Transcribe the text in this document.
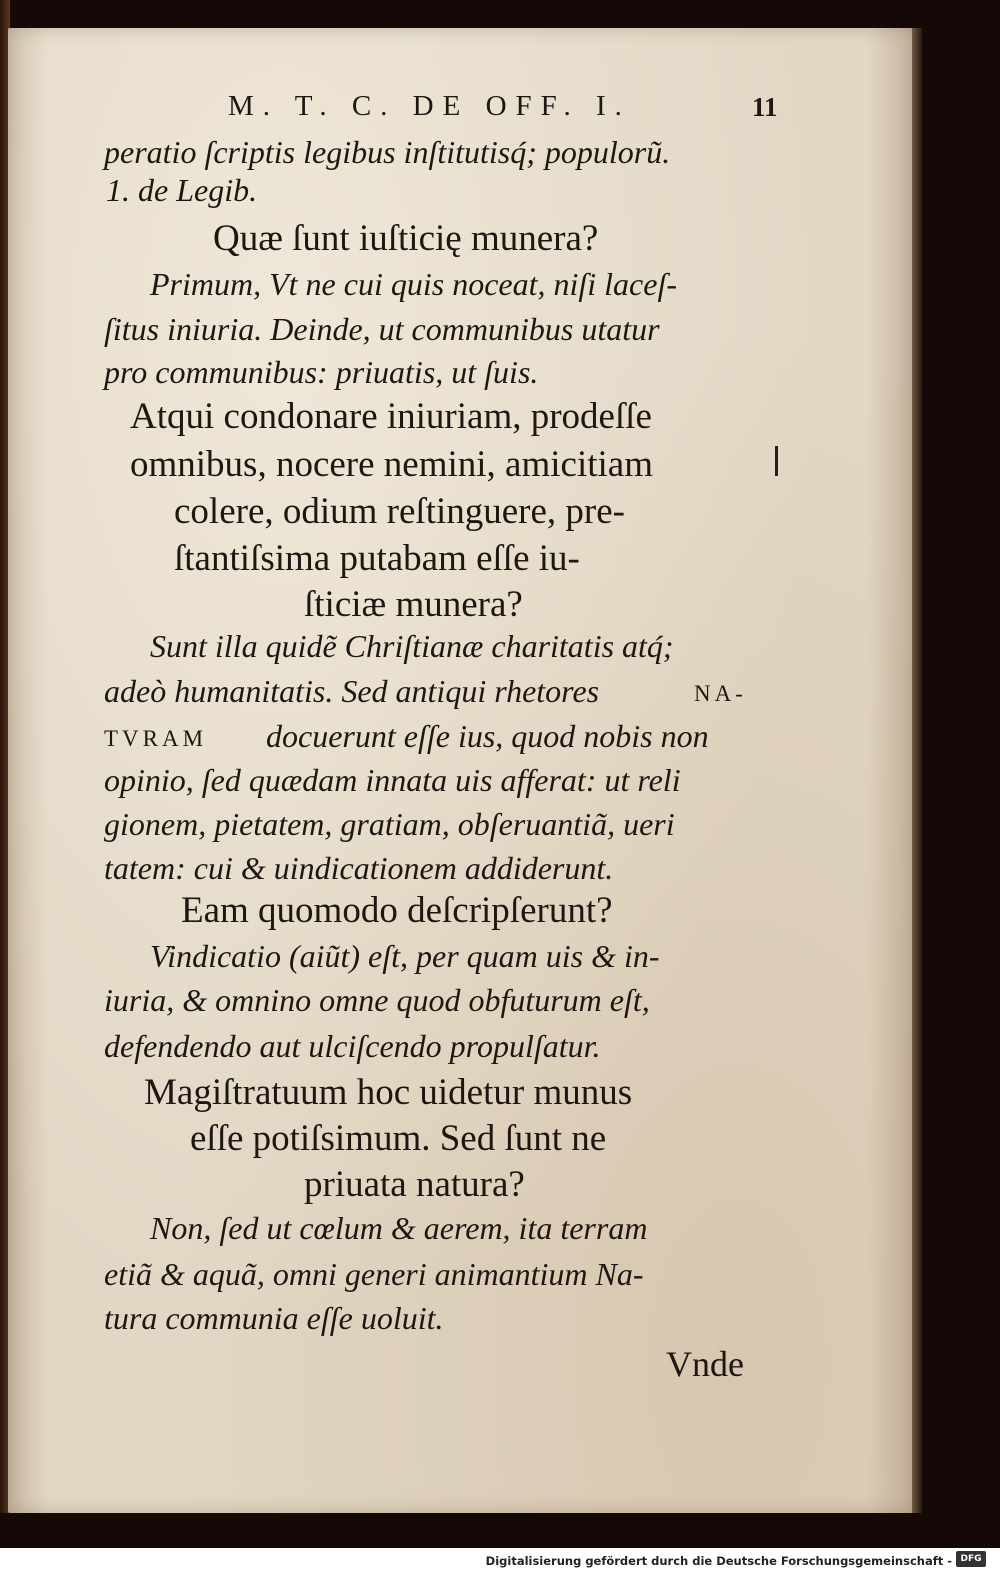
M. T. C. DE OFF. I.	11
peratio ſcriptis legibus inſtitutisq́; populorũ.
1. de Legib.
Quæ ſunt iuſticię munera?
Primum, Vt ne cui quis noceat, niſi laceſ-
ſitus iniuria. Deinde, ut communibus utatur
pro communibus: priuatis, ut ſuis.
Atqui condonare iniuriam, prodeſſe
omnibus, nocere nemini, amicitiam
colere, odium reſtinguere, pre-
ſtantiſsima putabam eſſe iu-
ſticiæ munera?
Sunt illa quidẽ Chriſtianæ charitatis atq́;
adeò humanitatis. Sed antiqui rhetores	NA-
TVRAM docuerunt eſſe ius, quod nobis non
opinio, ſed quædam innata uis afferat: ut reli
gionem, pietatem, gratiam, obſeruantiã, ueri
tatem: cui & uindicationem addiderunt.
Eam quomodo deſcripſerunt?
Vindicatio (aiũt) eſt, per quam uis & in-
iuria, & omnino omne quod obfuturum eſt,
defendendo aut ulciſcendo propulſatur.
Magiſtratuum hoc uidetur munus
eſſe potiſsimum. Sed ſunt ne
priuata natura?
Non, ſed ut cœlum & aerem, ita terram
etiã & aquã, omni generi animantium Na-
tura communia eſſe uoluit.
Vnde
Digitalisierung gefördert durch die Deutsche Forschungsgemeinschaft - DFG
